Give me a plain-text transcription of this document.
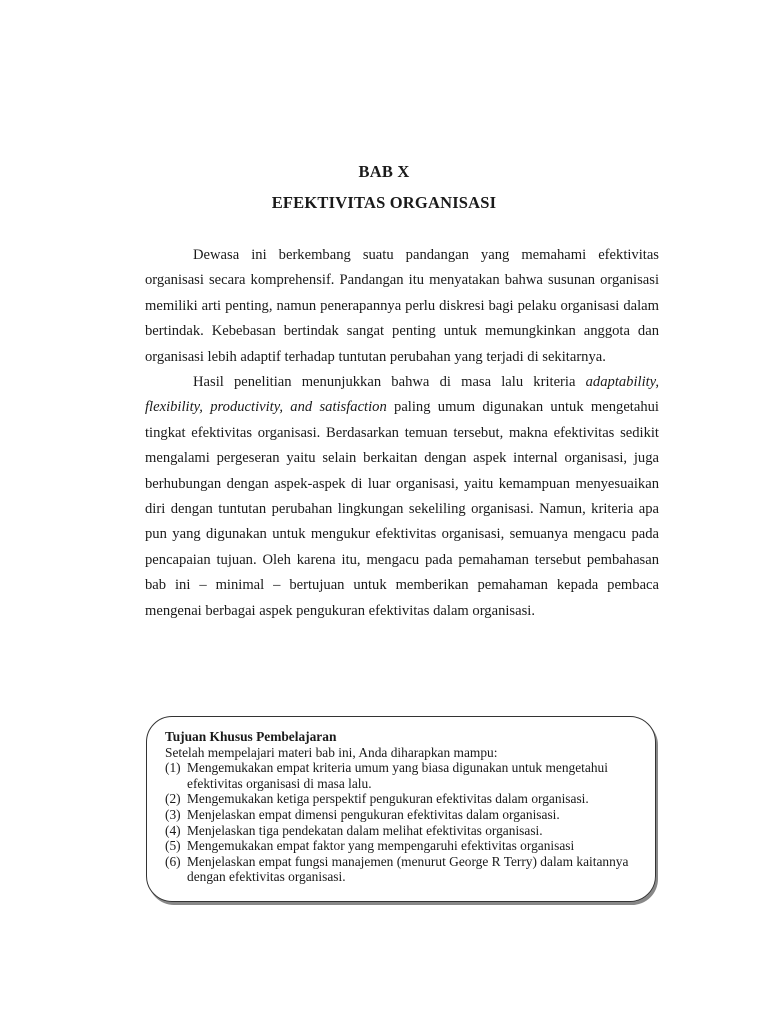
BAB X
EFEKTIVITAS ORGANISASI

Dewasa ini berkembang suatu pandangan yang memahami efektivitas organisasi secara komprehensif. Pandangan itu menyatakan bahwa susunan organisasi memiliki arti penting, namun penerapannya perlu diskresi bagi pelaku organisasi dalam bertindak. Kebebasan bertindak sangat penting untuk memungkinkan anggota dan organisasi lebih adaptif terhadap tuntutan perubahan yang terjadi di sekitarnya.

Hasil penelitian menunjukkan bahwa di masa lalu kriteria adaptability, flexibility, productivity, and satisfaction paling umum digunakan untuk mengetahui tingkat efektivitas organisasi. Berdasarkan temuan tersebut, makna efektivitas sedikit mengalami pergeseran yaitu selain berkaitan dengan aspek internal organisasi, juga berhubungan dengan aspek-aspek di luar organisasi, yaitu kemampuan menyesuaikan diri dengan tuntutan perubahan lingkungan sekeliling organisasi. Namun, kriteria apa pun yang digunakan untuk mengukur efektivitas organisasi, semuanya mengacu pada pencapaian tujuan. Oleh karena itu, mengacu pada pemahaman tersebut pembahasan bab ini – minimal – bertujuan untuk memberikan pemahaman kepada pembaca mengenai berbagai aspek pengukuran efektivitas dalam organisasi.

Tujuan Khusus Pembelajaran
Setelah mempelajari materi bab ini, Anda diharapkan mampu:
(1) Mengemukakan empat kriteria umum yang biasa digunakan untuk mengetahui efektivitas organisasi di masa lalu.
(2) Mengemukakan ketiga perspektif pengukuran efektivitas dalam organisasi.
(3) Menjelaskan empat dimensi pengukuran efektivitas dalam organisasi.
(4) Menjelaskan tiga pendekatan dalam melihat efektivitas organisasi.
(5) Mengemukakan empat faktor yang mempengaruhi efektivitas organisasi
(6) Menjelaskan empat fungsi manajemen (menurut George R Terry) dalam kaitannya dengan efektivitas organisasi.
